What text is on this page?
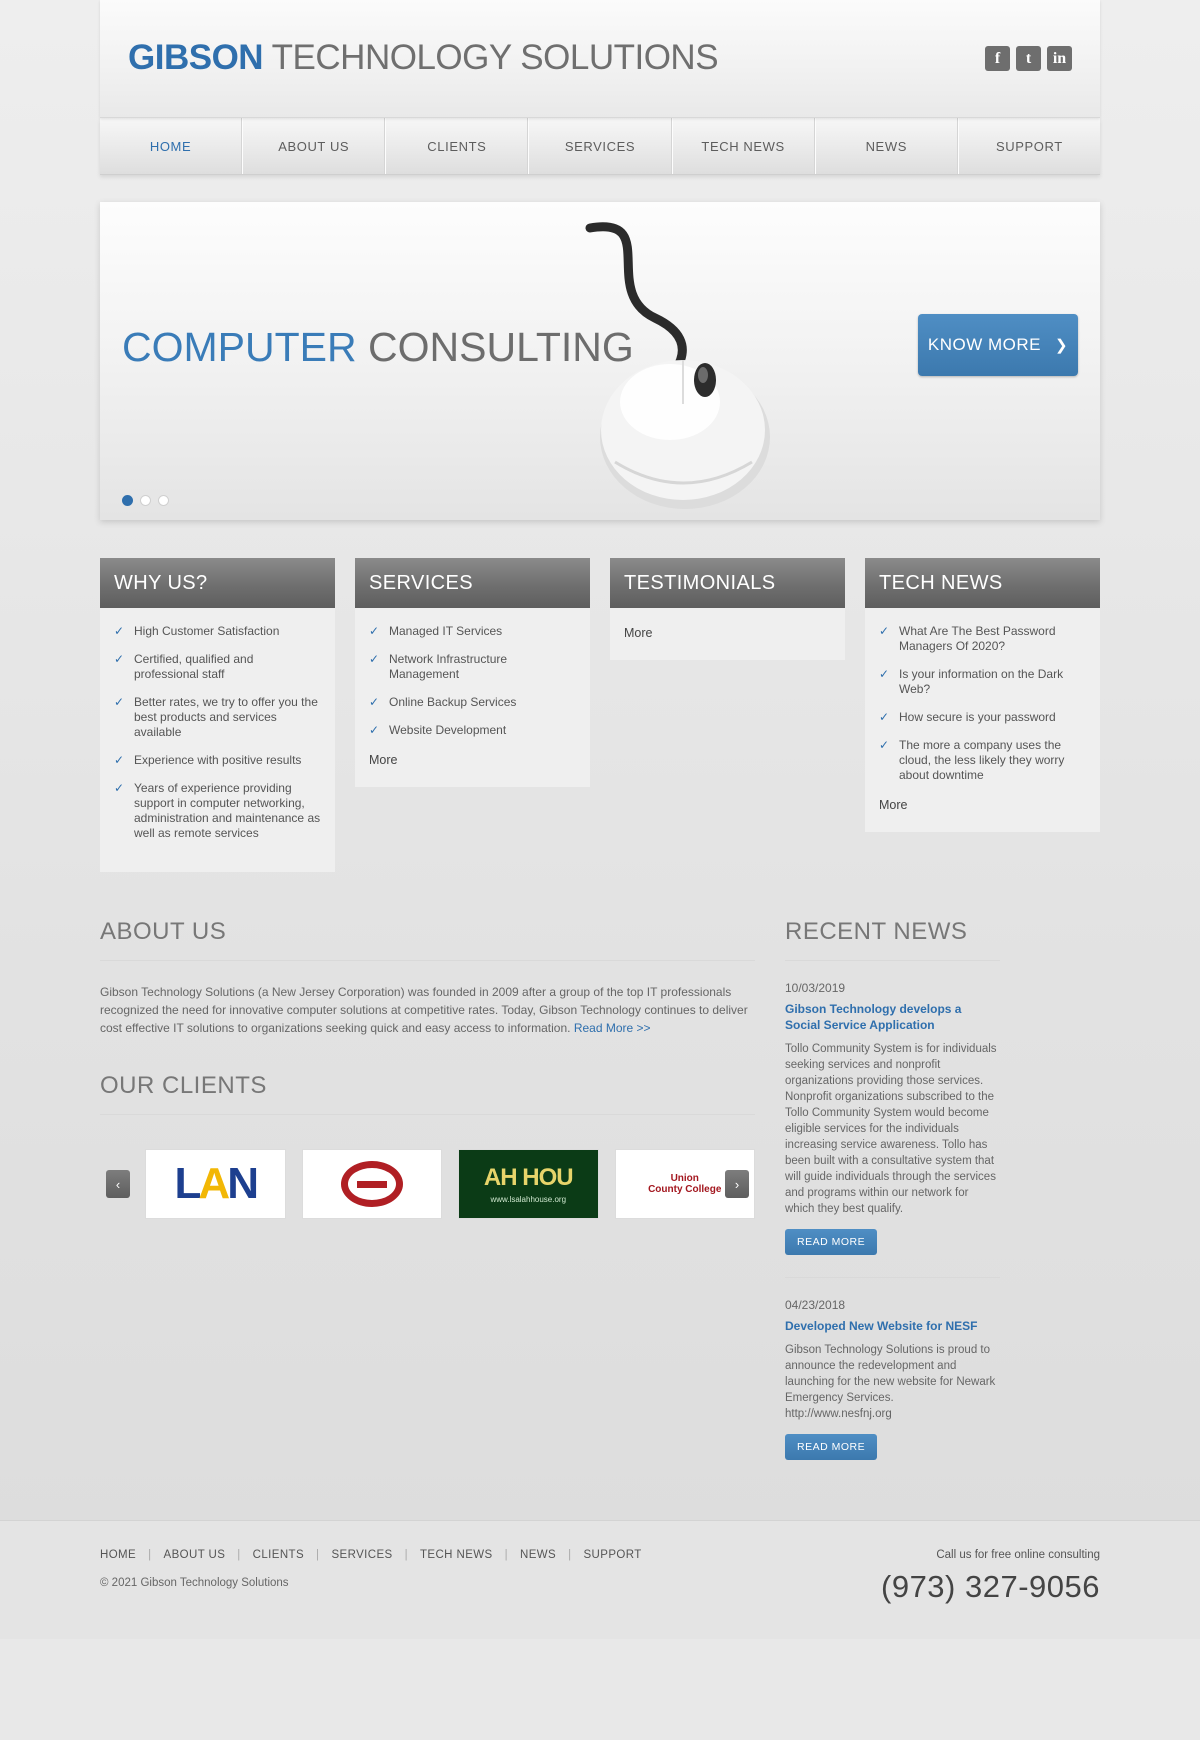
GIBSON TECHNOLOGY SOLUTIONS	f	t	in
HOME	ABOUT US	CLIENTS	SERVICES	TECH NEWS	NEWS	SUPPORT
COMPUTER CONSULTING	KNOW MORE ❯
WHY US?
✓ High Customer Satisfaction
✓ Certified, qualified and professional staff
✓ Better rates, we try to offer you the best products and services available
✓ Experience with positive results
✓ Years of experience providing support in computer networking, administration and maintenance as well as remote services
SERVICES
✓ Managed IT Services
✓ Network Infrastructure Management
✓ Online Backup Services
✓ Website Development
More
TESTIMONIALS
More
TECH NEWS
✓ What Are The Best Password Managers Of 2020?
✓ Is your information on the Dark Web?
✓ How secure is your password
✓ The more a company uses the cloud, the less likely they worry about downtime
More
ABOUT US
Gibson Technology Solutions (a New Jersey Corporation) was founded in 2009 after a group of the top IT professionals recognized the need for innovative computer solutions at competitive rates. Today, Gibson Technology continues to deliver cost effective IT solutions to organizations seeking quick and easy access to information. Read More >>
OUR CLIENTS
‹ LAN	AH HOU
www.lsalahhouse.org
Union
County College	›
RECENT NEWS
10/03/2019
Gibson Technology develops a Social Service Application
Tollo Community System is for individuals seeking services and nonprofit organizations providing those services. Nonprofit organizations subscribed to the Tollo Community System would become eligible services for the individuals increasing service awareness. Tollo has been built with a consultative system that will guide individuals through the services and programs within our network for which they best qualify.
READ MORE
04/23/2018
Developed New Website for NESF
Gibson Technology Solutions is proud to announce the redevelopment and launching for the new website for Newark Emergency Services. http://www.nesfnj.org
READ MORE
HOME	|	ABOUT US	|	CLIENTS	|	SERVICES	|	TECH NEWS	|	NEWS	|	SUPPORT
© 2021 Gibson Technology Solutions
Call us for free online consulting
(973) 327-9056
